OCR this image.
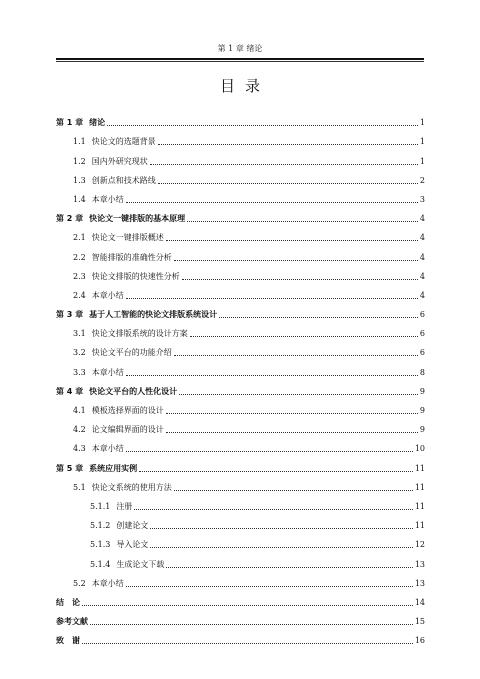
第 1 章 绪论
目录
第 1 章 绪论	1
1.1 快论文的选题背景	1
1.2 国内外研究现状	1
1.3 创新点和技术路线	2
1.4 本章小结	3
第 2 章 快论文一键排版的基本原理	4
2.1 快论文一键排版概述	4
2.2 智能排版的准确性分析	4
2.3 快论文排版的快速性分析	4
2.4 本章小结	4
第 3 章 基于人工智能的快论文排版系统设计	6
3.1 快论文排版系统的设计方案	6
3.2 快论文平台的功能介绍	6
3.3 本章小结	8
第 4 章 快论文平台的人性化设计	9
4.1 模板选择界面的设计	9
4.2 论文编辑界面的设计	9
4.3 本章小结	10
第 5 章 系统应用实例	11
5.1 快论文系统的使用方法	11
5.1.1 注册	11
5.1.2 创建论文	11
5.1.3 导入论文	12
5.1.4 生成论文下载	13
5.2 本章小结	13
结　论	14
参考文献	15
致　谢	16
